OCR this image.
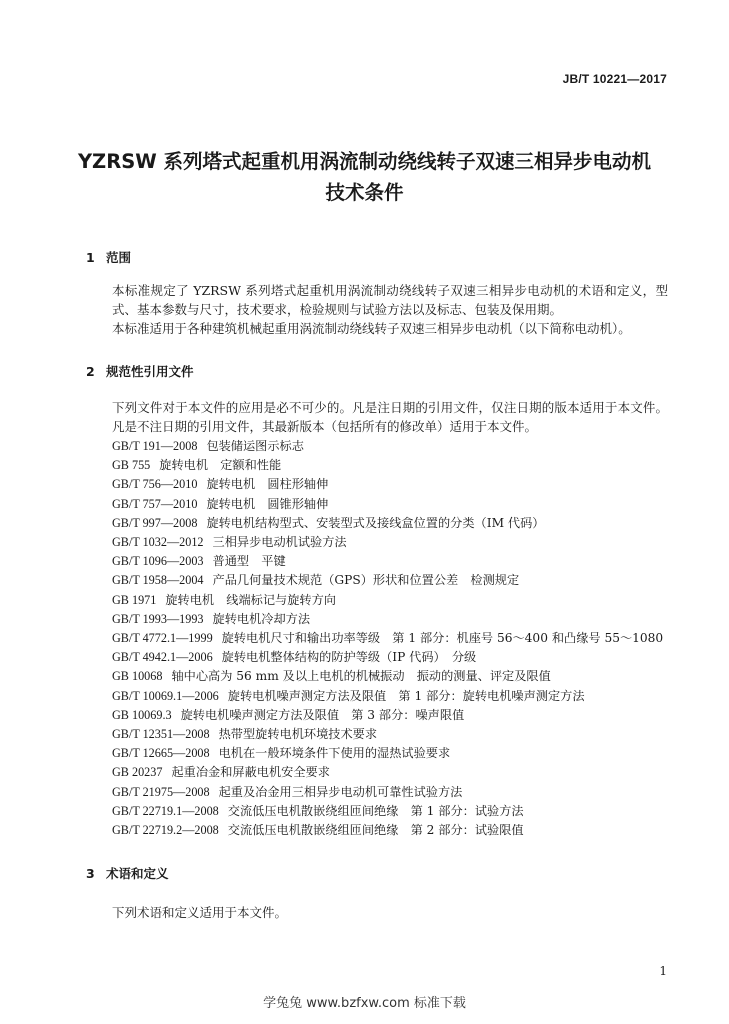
JB/T 10221—2017
YZRSW 系列塔式起重机用涡流制动绕线转子双速三相异步电动机
技术条件
1 范围
本标准规定了 YZRSW 系列塔式起重机用涡流制动绕线转子双速三相异步电动机的术语和定义，型式、基本参数与尺寸，技术要求，检验规则与试验方法以及标志、包装及保用期。
本标准适用于各种建筑机械起重用涡流制动绕线转子双速三相异步电动机（以下简称电动机）。
2 规范性引用文件
下列文件对于本文件的应用是必不可少的。凡是注日期的引用文件，仅注日期的版本适用于本文件。凡是不注日期的引用文件，其最新版本（包括所有的修改单）适用于本文件。
GB/T 191—2008 包装储运图示标志
GB 755 旋转电机　定额和性能
GB/T 756—2010 旋转电机　圆柱形轴伸
GB/T 757—2010 旋转电机　圆锥形轴伸
GB/T 997—2008 旋转电机结构型式、安装型式及接线盒位置的分类（IM 代码）
GB/T 1032—2012 三相异步电动机试验方法
GB/T 1096—2003 普通型　平键
GB/T 1958—2004 产品几何量技术规范（GPS）形状和位置公差　检测规定
GB 1971 旋转电机　线端标记与旋转方向
GB/T 1993—1993 旋转电机冷却方法
GB/T 4772.1—1999 旋转电机尺寸和输出功率等级　第 1 部分：机座号 56～400 和凸缘号 55～1080
GB/T 4942.1—2006 旋转电机整体结构的防护等级（IP 代码）　分级
GB 10068 轴中心高为 56 mm 及以上电机的机械振动　振动的测量、评定及限值
GB/T 10069.1—2006 旋转电机噪声测定方法及限值　第 1 部分：旋转电机噪声测定方法
GB 10069.3 旋转电机噪声测定方法及限值　第 3 部分：噪声限值
GB/T 12351—2008 热带型旋转电机环境技术要求
GB/T 12665—2008 电机在一般环境条件下使用的湿热试验要求
GB 20237 起重冶金和屏蔽电机安全要求
GB/T 21975—2008 起重及冶金用三相异步电动机可靠性试验方法
GB/T 22719.1—2008 交流低压电机散嵌绕组匝间绝缘　第 1 部分：试验方法
GB/T 22719.2—2008 交流低压电机散嵌绕组匝间绝缘　第 2 部分：试验限值
3 术语和定义
下列术语和定义适用于本文件。
1
学兔兔 www.bzfxw.com 标准下载
